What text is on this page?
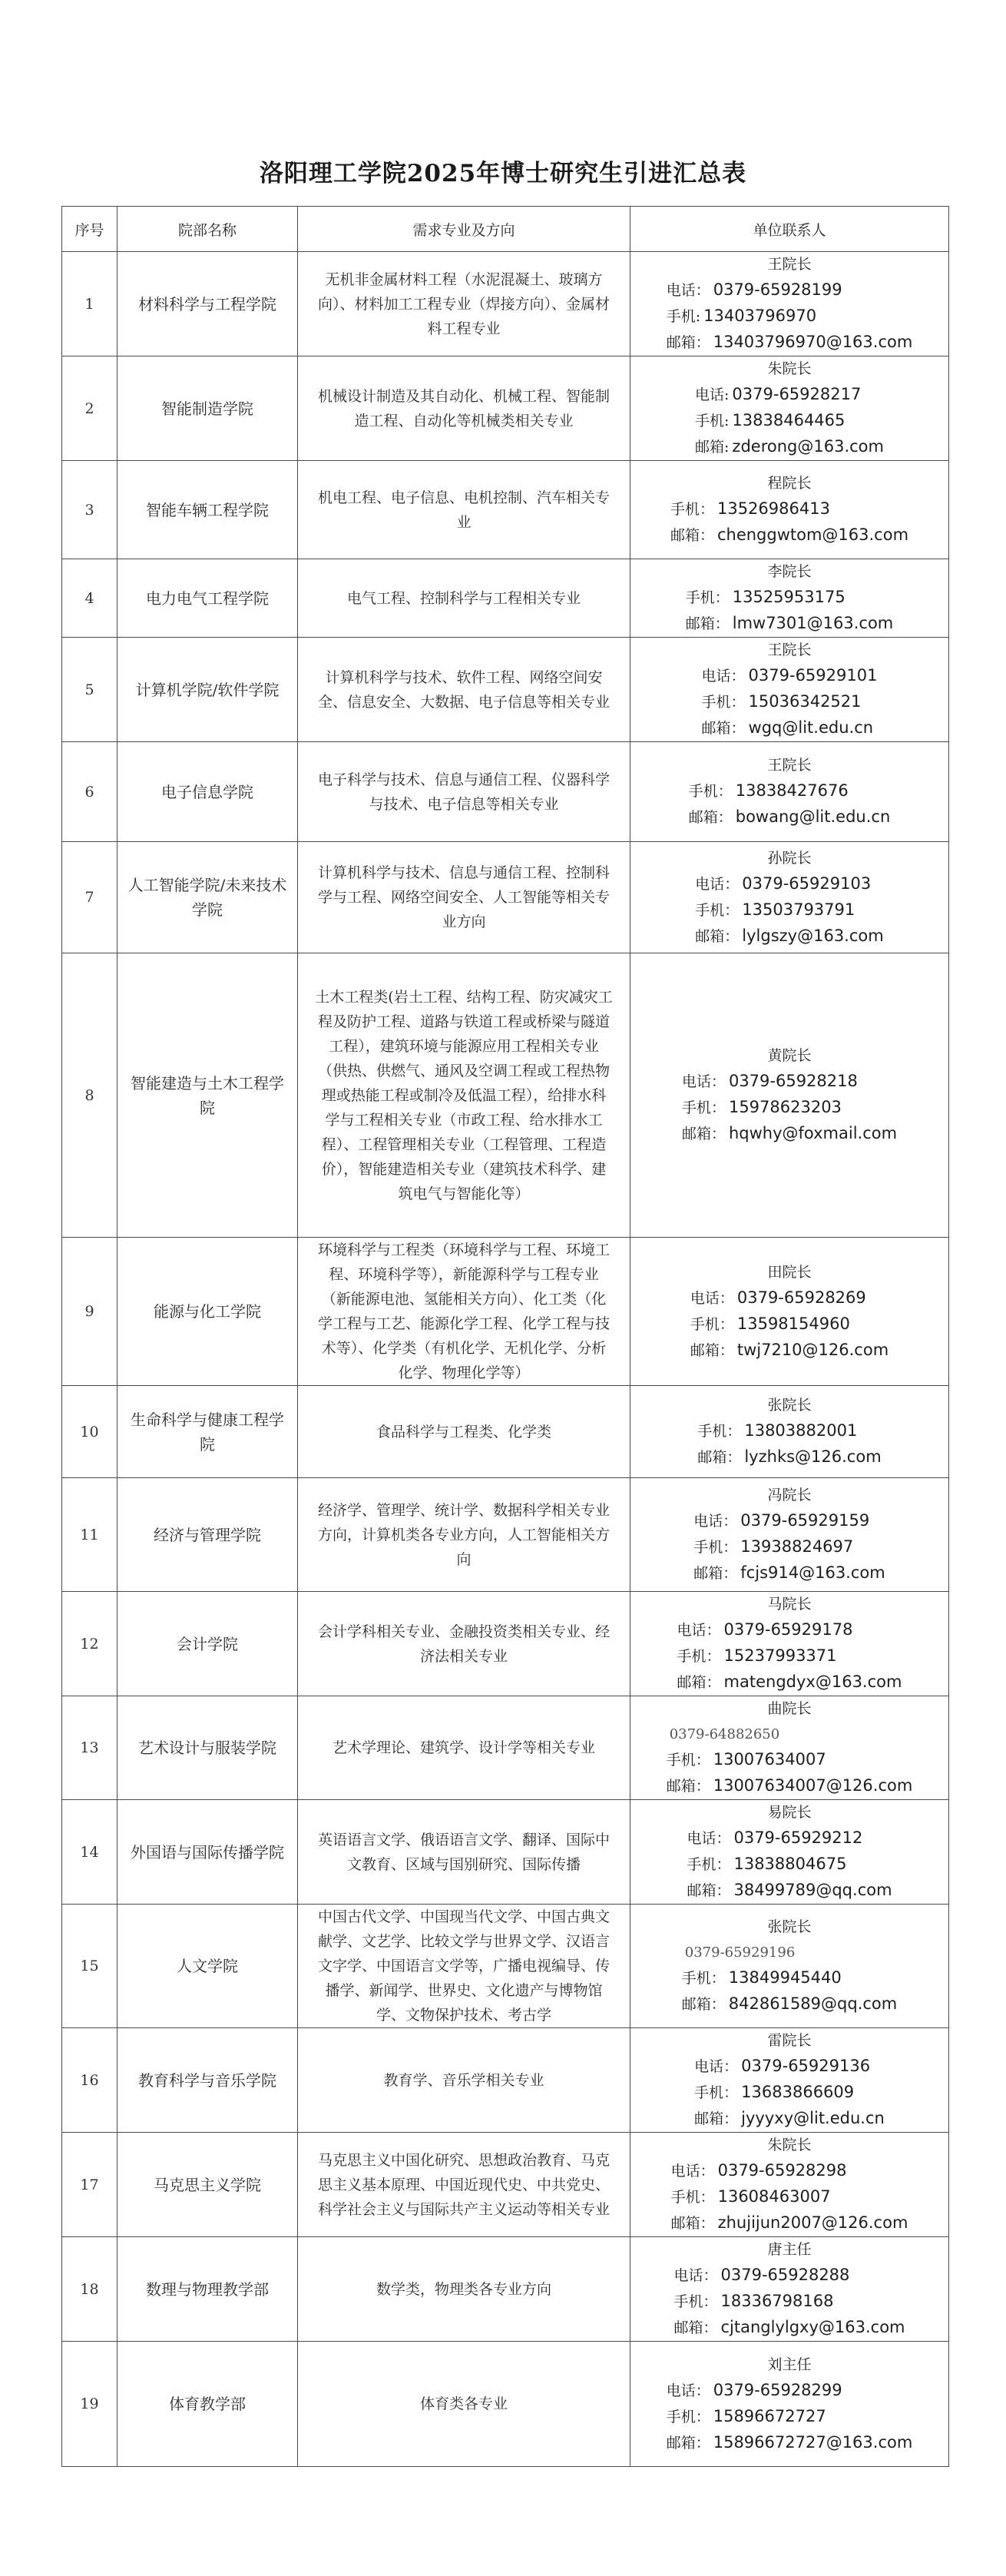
洛阳理工学院2025年博士研究生引进汇总表
序号	院部名称	需求专业及方向	单位联系人
1	材料科学与工程学院	无机非金属材料工程（水泥混凝土、玻璃方向）、材料加工工程专业（焊接方向）、金属材料工程专业	王院长
电话： 0379-65928199
手机: 13403796970
邮箱： 13403796970@163.com

2	智能制造学院	机械设计制造及其自动化、机械工程、智能制造工程、自动化等机械类相关专业	朱院长
电话: 0379-65928217
手机: 13838464465
邮箱: zderong@163.com

3	智能车辆工程学院	机电工程、电子信息、电机控制、汽车相关专业	程院长
手机： 13526986413
邮箱： chenggwtom@163.com

4	电力电气工程学院	电气工程、控制科学与工程相关专业	李院长
手机： 13525953175
邮箱： lmw7301@163.com

5	计算机学院/软件学院	计算机科学与技术、软件工程、网络空间安全、信息安全、大数据、电子信息等相关专业	王院长
电话： 0379-65929101
手机： 15036342521
邮箱： wgq@lit.edu.cn

6	电子信息学院	电子科学与技术、信息与通信工程、仪器科学与技术、电子信息等相关专业	王院长
手机： 13838427676
邮箱： bowang@lit.edu.cn

7	人工智能学院/未来技术学院	计算机科学与技术、信息与通信工程、控制科学与工程、网络空间安全、人工智能等相关专业方向	孙院长
电话： 0379-65929103
手机： 13503793791
邮箱： lylgszy@163.com

8	智能建造与土木工程学院	土木工程类(岩土工程、结构工程、防灾减灾工程及防护工程、道路与铁道工程或桥梁与隧道工程），建筑环境与能源应用工程相关专业（供热、供燃气、通风及空调工程或工程热物理或热能工程或制冷及低温工程），给排水科学与工程相关专业（市政工程、给水排水工程）、工程管理相关专业（工程管理、工程造价），智能建造相关专业（建筑技术科学、建筑电气与智能化等）	黄院长
电话： 0379-65928218
手机： 15978623203
邮箱： hqwhy@foxmail.com

9	能源与化工学院	环境科学与工程类（环境科学与工程、环境工程、环境科学等），新能源科学与工程专业（新能源电池、氢能相关方向）、化工类（化学工程与工艺、能源化学工程、化学工程与技术等）、化学类（有机化学、无机化学、分析化学、物理化学等）	田院长
电话： 0379-65928269
手机： 13598154960
邮箱： twj7210@126.com

10	生命科学与健康工程学院	食品科学与工程类、化学类	张院长
手机： 13803882001
邮箱： lyzhks@126.com

11	经济与管理学院	经济学、管理学、统计学、数据科学相关专业方向，计算机类各专业方向，人工智能相关方向	冯院长
电话： 0379-65929159
手机： 13938824697
邮箱： fcjs914@163.com

12	会计学院	会计学科相关专业、金融投资类相关专业、经济法相关专业	马院长
电话： 0379-65929178
手机： 15237993371
邮箱： matengdyx@163.com

13	艺术设计与服装学院	艺术学理论、建筑学、设计学等相关专业	曲院长
0379-64882650
手机： 13007634007
邮箱： 13007634007@126.com

14	外国语与国际传播学院	英语语言文学、俄语语言文学、翻译、国际中文教育、区域与国别研究、国际传播	易院长
电话： 0379-65929212
手机： 13838804675
邮箱： 38499789@qq.com

15	人文学院	中国古代文学、中国现当代文学、中国古典文献学、文艺学、比较文学与世界文学、汉语言文字学、中国语言文学等，广播电视编导、传播学、新闻学、世界史、文化遗产与博物馆学、文物保护技术、考古学	张院长
0379-65929196
手机： 13849945440
邮箱： 842861589@qq.com

16	教育科学与音乐学院	教育学、音乐学相关专业	雷院长
电话： 0379-65929136
手机： 13683866609
邮箱： jyyyxy@lit.edu.cn

17	马克思主义学院	马克思主义中国化研究、思想政治教育、马克思主义基本原理、中国近现代史、中共党史、科学社会主义与国际共产主义运动等相关专业	朱院长
电话： 0379-65928298
手机： 13608463007
邮箱： zhujijun2007@126.com

18	数理与物理教学部	数学类，物理类各专业方向	唐主任
电话： 0379-65928288
手机： 18336798168
邮箱： cjtanglylgxy@163.com

19	体育教学部	体育类各专业	刘主任
电话： 0379-65928299
手机： 15896672727
邮箱： 15896672727@163.com
